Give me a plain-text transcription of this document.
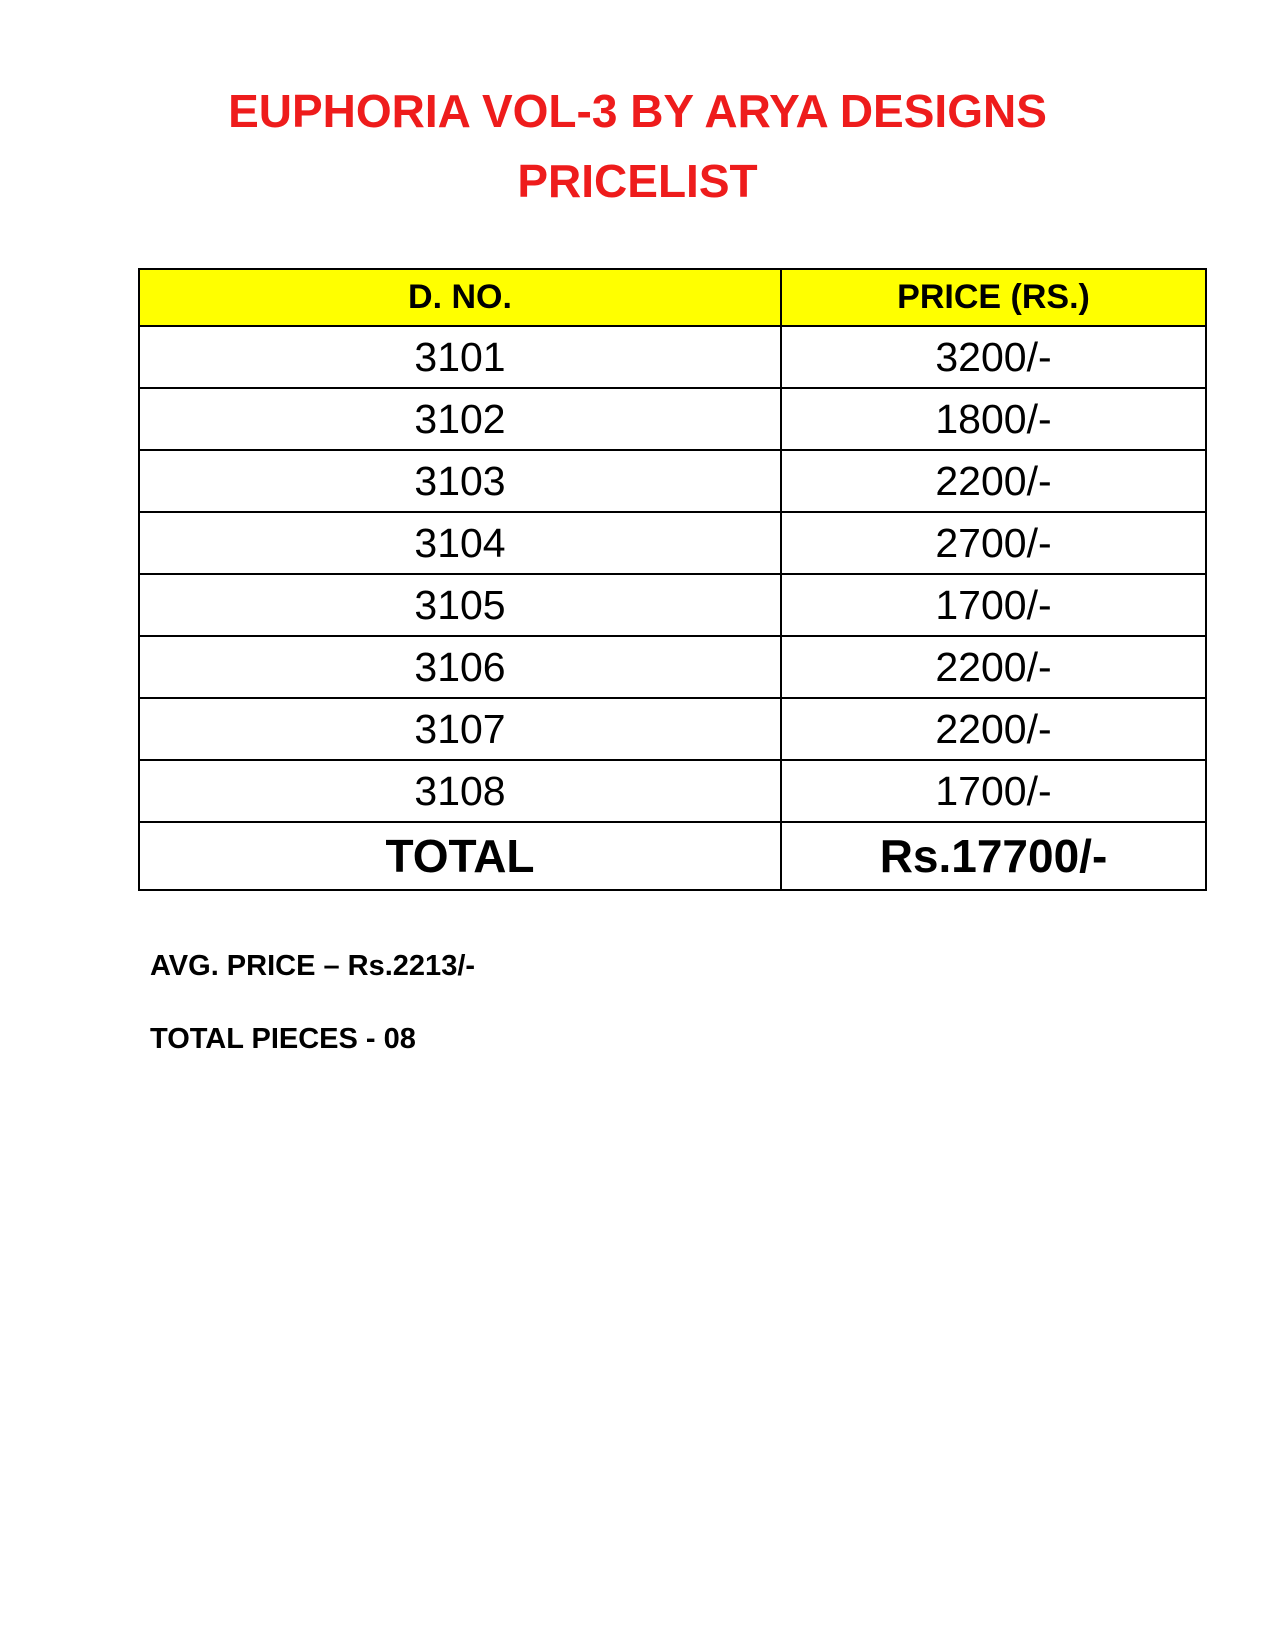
EUPHORIA VOL-3 BY ARYA DESIGNS
PRICELIST
D. NO.	PRICE (RS.)
3101	3200/-
3102	1800/-
3103	2200/-
3104	2700/-
3105	1700/-
3106	2200/-
3107	2200/-
3108	1700/-
TOTAL	Rs.17700/-
AVG. PRICE – Rs.2213/-
TOTAL PIECES - 08
